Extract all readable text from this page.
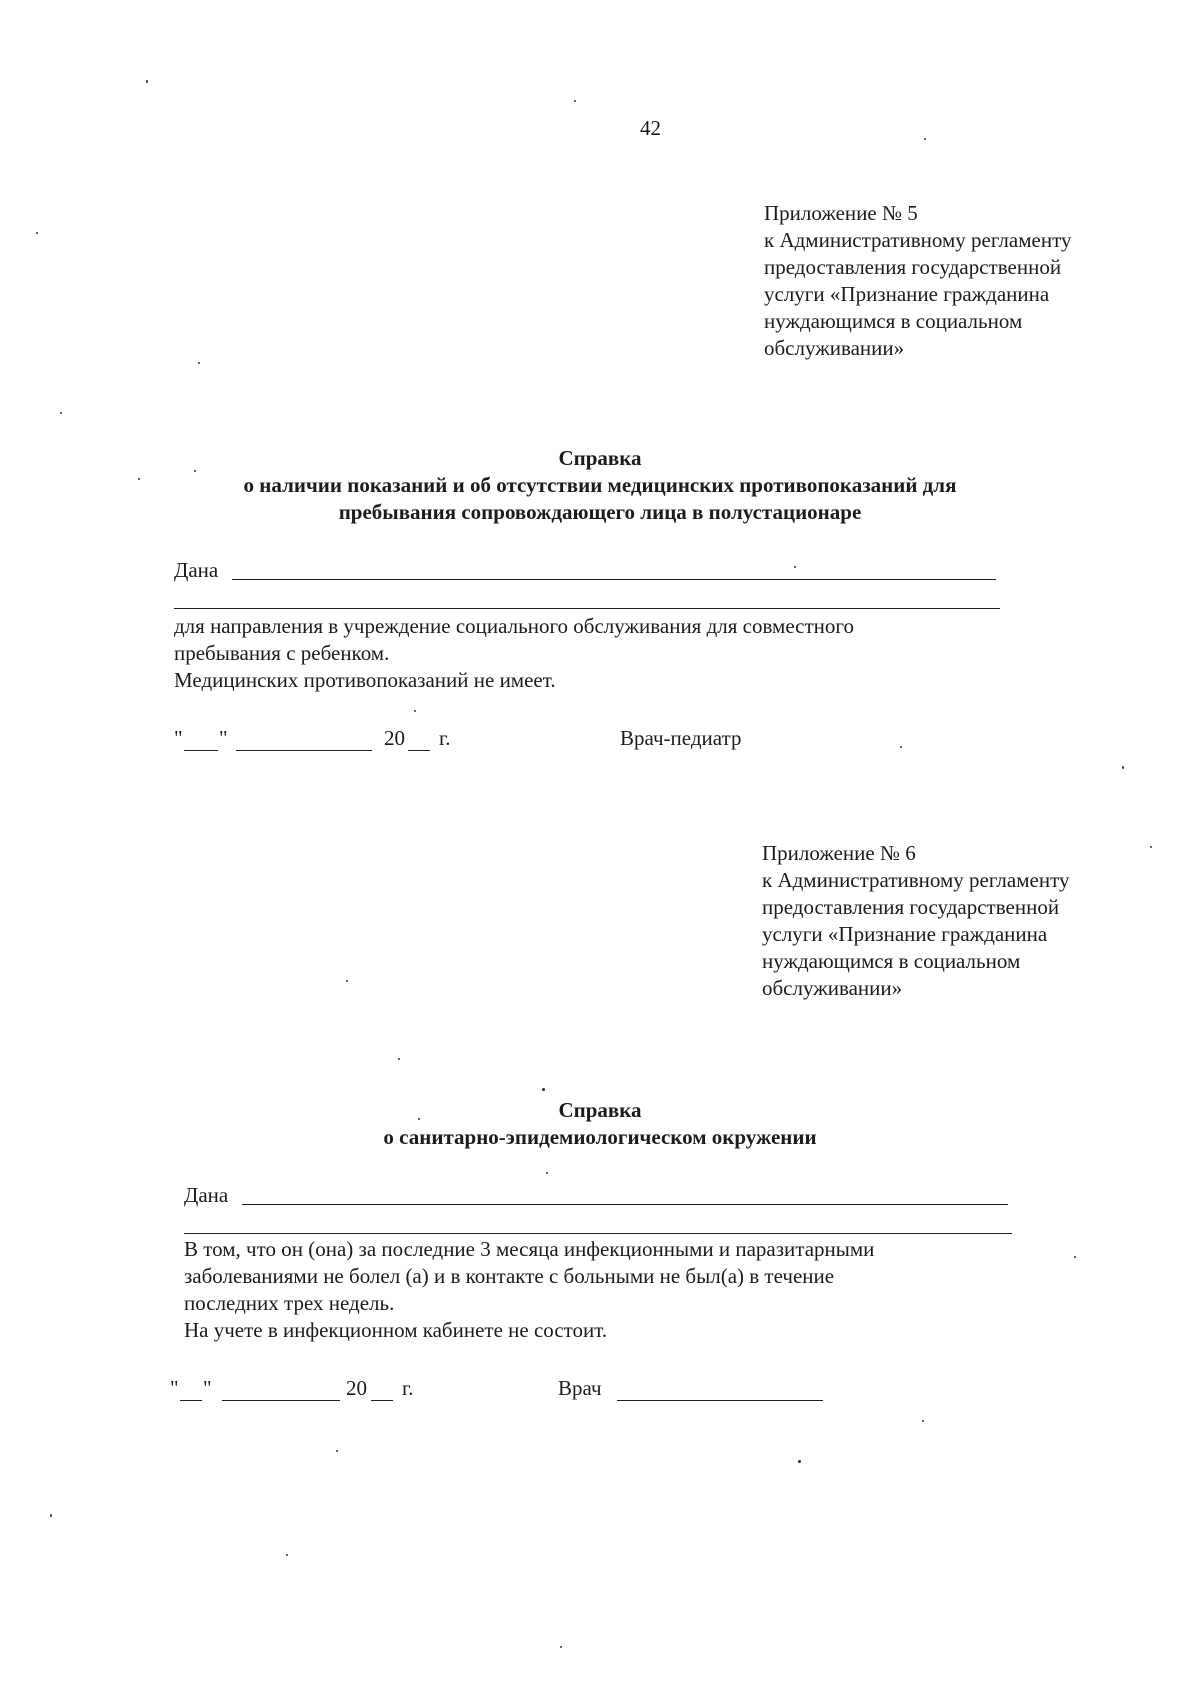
42
Приложение № 5
к Административному регламенту
предоставления государственной
услуги «Признание гражданина
нуждающимся в социальном
обслуживании»
Справка
о наличии показаний и об отсутствии медицинских противопоказаний для
пребывания сопровождающего лица в полустационаре
Дана
для направления в учреждение социального обслуживания для совместного
пребывания с ребенком.
Медицинских противопоказаний не имеет.
" "	20 г.	Врач-педиатр
Приложение № 6
к Административному регламенту
предоставления государственной
услуги «Признание гражданина
нуждающимся в социальном
обслуживании»
Справка
о санитарно-эпидемиологическом окружении
Дана
В том, что он (она) за последние 3 месяца инфекционными и паразитарными
заболеваниями не болел (а) и в контакте с больными не был(а) в течение
последних трех недель.
На учете в инфекционном кабинете не состоит.
" "	20 г.	Врач
